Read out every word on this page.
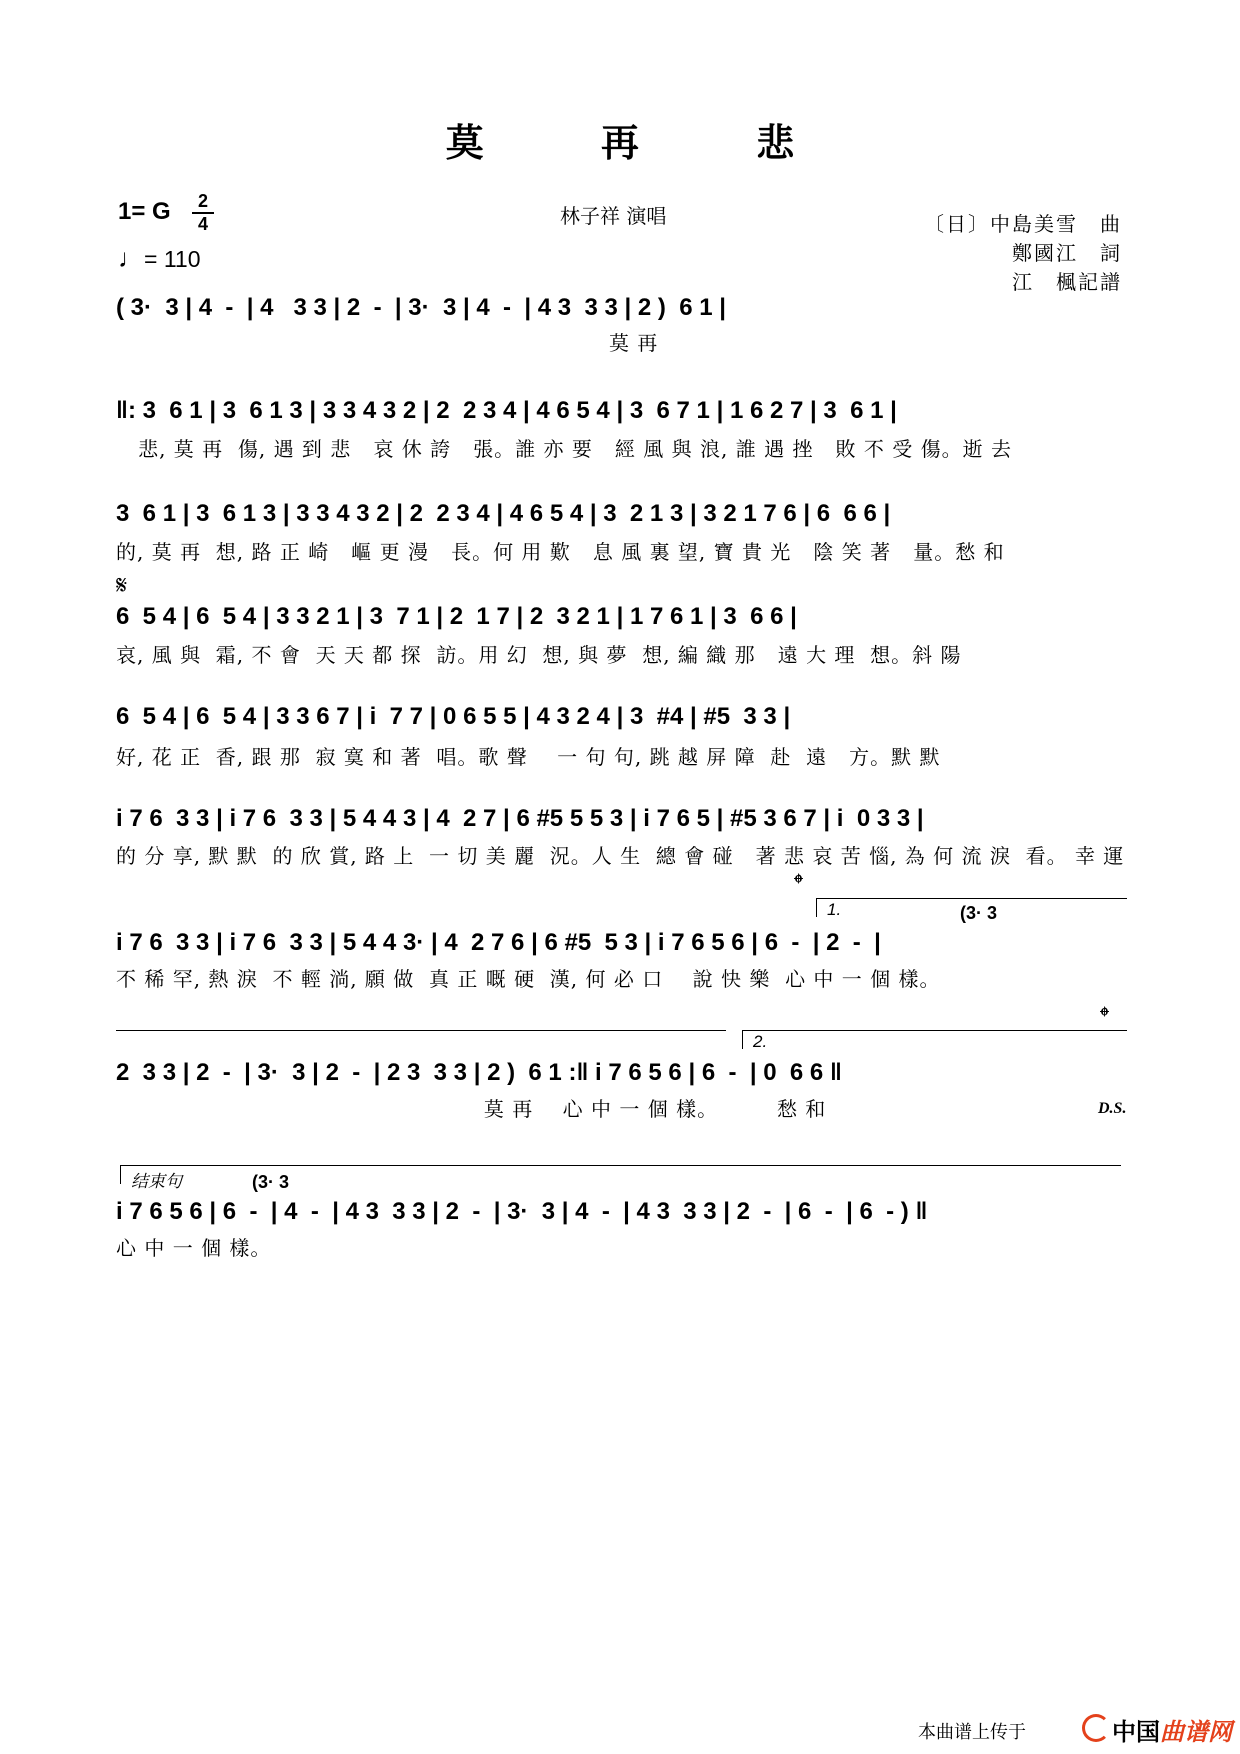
莫 再 悲
林子祥 演唱
1= G	2
4
♩= 110
〔日〕中島美雪　曲
鄭國江　詞
江　楓記譜
( 3·  3 | 4  -  | 4   3 3 | 2  -  | 3·  3 | 4  -  | 4 3  3 3 | 2 )  6 1 |
莫 再
‖: 3  6 1 | 3  6 1 3 | 3 3 4 3 2 | 2  2 3 4 | 4 6 5 4 | 3  6 7 1 | 1 6 2 7 | 3  6 1 |
悲, 莫 再  傷, 遇 到 悲   哀 休 誇   張。誰 亦 要   經 風 與 浪, 誰 遇 挫   敗 不 受 傷。逝 去
3  6 1 | 3  6 1 3 | 3 3 4 3 2 | 2  2 3 4 | 4 6 5 4 | 3  2 1 3 | 3 2 1 7 6 | 6  6 6 |
的, 莫 再  想, 路 正 崎   嶇 更 漫   長。何 用 歎   息 風 裏 望, 寶 貴 光   陰 笑 著   量。愁 和
𝄋
6  5 4 | 6  5 4 | 3 3 2 1 | 3  7 1 | 2  1 7 | 2  3 2 1 | 1 7 6 1 | 3  6 6 |
哀, 風 與  霜, 不 會  天 天 都 探  訪。用 幻  想, 與 夢  想, 編 織 那   遠 大 理  想。斜 陽
6  5 4 | 6  5 4 | 3 3 6 7 | i  7 7 | 0 6 5 5 | 4 3 2 4 | 3  #4 | #5  3 3 |
好, 花 正  香, 跟 那  寂 寞 和 著  唱。歌 聲    一 句 句, 跳 越 屏 障  赴  遠   方。默 默
i 7 6  3 3 | i 7 6  3 3 | 5 4 4 3 | 4  2 7 | 6 #5 5 5 3 | i 7 6 5 | #5 3 6 7 | i  0 3 3 |
的 分 享, 默 默  的 欣 賞, 路 上  一 切 美 麗  況。人 生  總 會 碰   著 悲 哀 苦 惱, 為 何 流 淚  看。 幸 運
𝄌
1.	(3· 3
i 7 6  3 3 | i 7 6  3 3 | 5 4 4 3· | 4  2 7 6 | 6 #5  5 3 | i 7 6 5 6 | 6  -  | 2  -  |
不 稀 罕, 熱 淚  不 輕 淌, 願 做  真 正 嘅 硬  漢, 何 必 口    說 快 樂  心 中 一 個 樣。
𝄌
2.
2  3 3 | 2  -  | 3·  3 | 2  -  | 2 3  3 3 | 2 )  6 1 :‖ i 7 6 5 6 | 6  -  | 0  6 6 ‖
莫 再    心 中 一 個 樣。        愁 和	D.S.
结束句	(3· 3
i 7 6 5 6 | 6  -  | 4  -  | 4 3  3 3 | 2  -  | 3·  3 | 4  -  | 4 3  3 3 | 2  -  | 6  -  | 6  - ) ‖
心 中 一 個 樣。
本曲谱上传于	中国曲谱网
